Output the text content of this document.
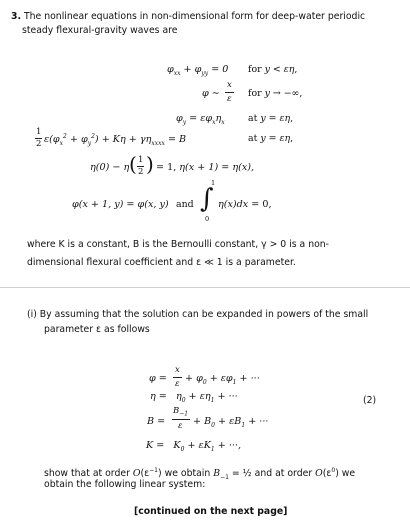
3. The nonlinear equations in non-dimensional form for deep-water periodic
steady flexural-gravity waves are
$\varphi_{xx} + \varphi_{yy} = 0$ for y < εη,
φ ∼
x
ε for y → −∞,
$\varphi_y = \varepsilon\varphi_x\eta_x$ at y = εη,
1
2 $\varepsilon(\varphi_x^2 + \varphi_y^2) + K\eta + \gamma\eta_{xxxx} = B$	at y = εη,
η(0) − η ( 1
2 ) = 1, η(x + 1) = η(x),
φ(x + 1, y) = φ(x, y) and ∫
1
0
η(x)dx = 0,
where K is a constant, B is the Bernoulli constant, γ > 0 is a non-
dimensional flexural coefficient and ε ≪ 1 is a parameter.
(i) By assuming that the solution can be expanded in powers of the small
parameter ε as follows
φ =
x
$\varepsilon + \varphi_0 + \varepsilon\varphi_1$ + ···
$\eta = \eta_0 + \varepsilon\eta_1$ + ···
B =
$B_{-1}$
$\varepsilon + B_0 + \varepsilon B_1$ + ···
$K = K_0 + \varepsilon K_1$ + ···,
(2)
show that at order $O(\varepsilon^{-1})$ we obtain $B_{-1}$ = ½ and at order $O(\varepsilon^0)$ we
obtain the following linear system:
[continued on the next page]
